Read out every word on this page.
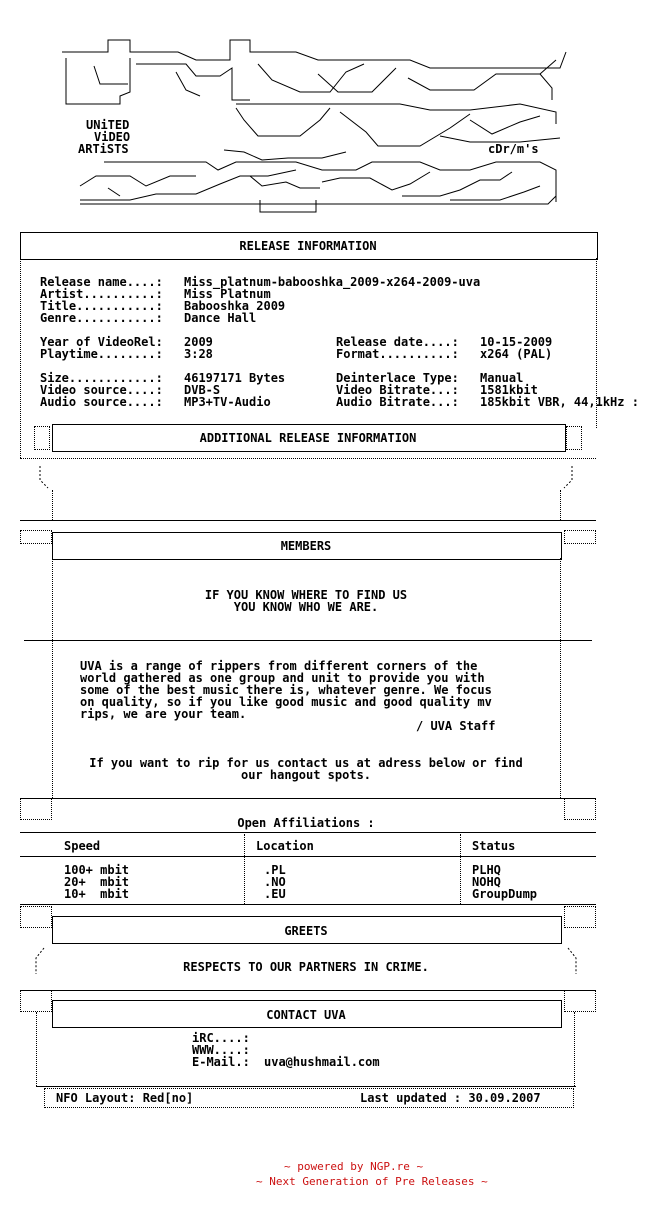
UNiTED
ViDEO
ARTiSTS	cDr/m's
RELEASE INFORMATION
Release name....: Miss_platnum-babooshka_2009-x264-2009-uva
Artist..........: Miss Platnum
Title...........: Babooshka 2009
Genre...........: Dance Hall
Year of VideoRel: 2009	Release date....: 10-15-2009
Playtime........: 3:28	Format..........: x264 (PAL)
Size............: 46197171 Bytes	Deinterlace Type: Manual
Video source....: DVB-S	Video Bitrate...: 1581kbit
Audio source....: MP3+TV-Audio	Audio Bitrate...: 185kbit VBR, 44,1kHz :
ADDITIONAL RELEASE INFORMATION
MEMBERS
IF YOU KNOW WHERE TO FIND US
YOU KNOW WHO WE ARE.
UVA is a range of rippers from different corners of the
world gathered as one group and unit to provide you with
some of the best music there is, whatever genre. We focus
on quality, so if you like good music and good quality mv
rips, we are your team.
/ UVA Staff
If you want to rip for us contact us at adress below or find
our hangout spots.
Open Affiliations :
Speed	Location	Status
100+ mbit	.PL	PLHQ
20+  mbit	.NO	NOHQ
10+  mbit	.EU	GroupDump
GREETS
RESPECTS TO OUR PARTNERS IN CRIME.
CONTACT UVA
iRC....:
WWW....:
E-Mail.: uva@hushmail.com
NFO Layout: Red[no]	Last updated : 30.09.2007
~ powered by NGP.re ~
~ Next Generation of Pre Releases ~
